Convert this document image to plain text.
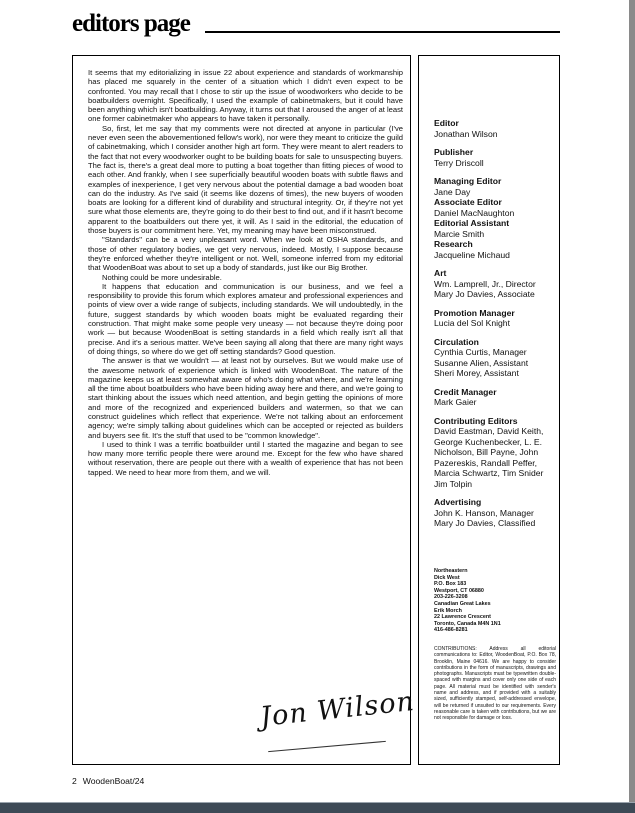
editors page

It seems that my editorializing in issue 22 about experience and standards of workmanship has placed me squarely in the center of a situation which I didn't even expect to be confronted. You may recall that I chose to stir up the issue of woodworkers who decide to be boatbuilders overnight. Specifically, I used the example of cabinetmakers, but it could have been anything which isn't boatbuilding. Anyway, it turns out that I aroused the anger of at least one former cabinetmaker who appears to have taken it personally.

So, first, let me say that my comments were not directed at anyone in particular (I've never even seen the abovementioned fellow's work), nor were they meant to criticize the guild of cabinetmaking, which I consider another high art form. They were meant to alert readers to the fact that not every woodworker ought to be building boats for sale to unsuspecting buyers. The fact is, there's a great deal more to putting a boat together than fitting pieces of wood to each other. And frankly, when I see superficially beautiful wooden boats with subtle flaws and examples of inexperience, I get very nervous about the potential damage a bad wooden boat can do the industry. As I've said (it seems like dozens of times), the new buyers of wooden boats are looking for a different kind of durability and structural integrity. Or, if they're not yet sure what those elements are, they're going to do their best to find out, and if it hasn't become apparent to the boatbuilders out there yet, it will. As I said in the editorial, the education of those buyers is our commitment here. Yet, my meaning may have been misconstrued.

"Standards" can be a very unpleasant word. When we look at OSHA standards, and those of other regulatory bodies, we get very nervous, indeed. Mostly, I suppose because they're enforced whether they're intelligent or not. Well, someone inferred from my editorial that WoodenBoat was about to set up a body of standards, just like our Big Brother.

Nothing could be more undesirable.

It happens that education and communication is our business, and we feel a responsibility to provide this forum which explores amateur and professional experiences and points of view over a wide range of subjects, including standards. We will undoubtedly, in the future, suggest standards by which wooden boats might be evaluated regarding their construction. That might make some people very uneasy — not because they're doing poor work — but because WoodenBoat is setting standards in a field which really isn't all that precise. And it's a serious matter. We've been saying all along that there are many right ways of doing things, so where do we get off setting standards? Good question.

The answer is that we wouldn't — at least not by ourselves. But we would make use of the awesome network of experience which is linked with WoodenBoat. The nature of the magazine keeps us at least somewhat aware of who's doing what where, and we're learning all the time about boatbuilders who have been hiding away here and there, and we're going to start thinking about the issues which need attention, and begin getting the opinions of more and more of the recognized and experienced builders and watermen, so that we can construct guidelines which reflect that experience. We're not talking about an enforcement agency; we're simply talking about guidelines which can be accepted or rejected as builders and buyers see fit. It's the stuff that used to be "common knowledge".

I used to think I was a terrific boatbuilder until I started the magazine and began to see how many more terrific people there were around me. Except for the few who have shared without reservation, there are people out there with a wealth of experience that has not been tapped. We need to hear more from them, and we will.

Jon Wilson
Editor
Jonathan Wilson
Publisher
Terry Driscoll
Managing Editor
Jane Day
Associate Editor
Daniel MacNaughton
Editorial Assistant
Marcie Smith
Research
Jacqueline Michaud
Art
Wm. Lamprell, Jr., Director
Mary Jo Davies, Associate
Promotion Manager
Lucia del Sol Knight
Circulation
Cynthia Curtis, Manager
Susanne Alien, Assistant
Sheri Morey, Assistant
Credit Manager
Mark Gaier
Contributing Editors
David Eastman, David Keith,
George Kuchenbecker, L. E.
Nicholson, Bill Payne, John
Pazereskis, Randall Peffer,
Marcia Schwartz, Tim Snider
Jim Tolpin
Advertising
John K. Hanson, Manager
Mary Jo Davies, Classified
Northeastern
Dick West
P.O. Box 183
Westport, CT 06880
203-226-3208
Canadian Great Lakes
Erik Morch
22 Lawrence Crescent
Toronto, Canada M4N 1N1
416-486-8281
CONTRIBUTIONS: Address all editorial communications to: Editor, WoodenBoat, P.O. Box 78, Brooklin, Maine 04616. We are happy to consider contributions in the form of manuscripts, drawings and photographs. Manuscripts must be typewritten double-spaced with margins and cover only one side of each page. All material must be identified with sender's name and address, and if provided with a suitably sized, sufficiently stamped, self-addressed envelope, will be returned if unsuited to our requirements. Every reasonable care is taken with contributions, but we are not responsible for damage or loss.
2 WoodenBoat/24
